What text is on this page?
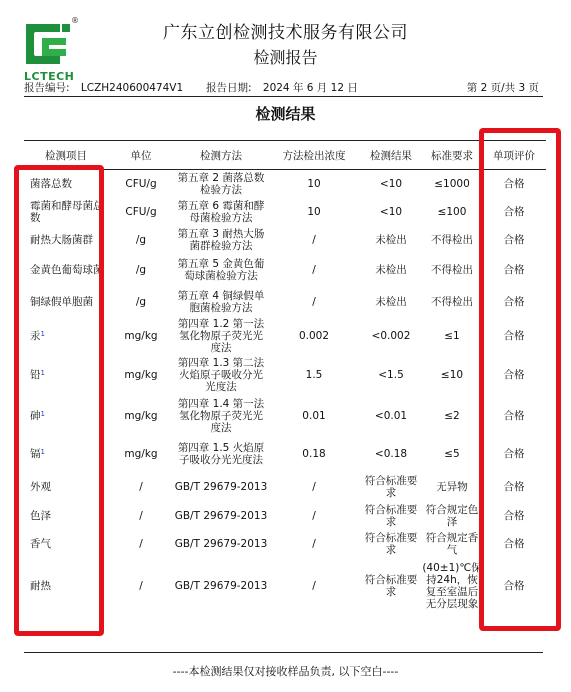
®
LCTECH
广东立创检测技术服务有限公司
检测报告
报告编号: LCZH240600474V1 报告日期: 2024 年 6 月 12 日	第 2 页/共 3 页
检测结果
检测项目	单位	检测方法	方法检出浓度	检测结果	标准要求	单项评价
菌落总数	CFU/g	第五章 2 菌落总数检验方法	10	<10	≤1000	合格
霉菌和酵母菌总数	CFU/g	第五章 6 霉菌和酵母菌检验方法	10	<10	≤100	合格
耐热大肠菌群	/g	第五章 3 耐热大肠菌群检验方法	/	未检出	不得检出	合格
金黄色葡萄球菌	/g	第五章 5 金黄色葡萄球菌检验方法	/	未检出	不得检出	合格
铜绿假单胞菌	/g	第五章 4 铜绿假单胞菌检验方法	/	未检出	不得检出	合格
汞$^1$	mg/kg	第四章 1.2 第一法 氢化物原子荧光光度法	0.002	<0.002	≤1	合格
铅$^1$	mg/kg	第四章 1.3 第二法 火焰原子吸收分光光度法	1.5	<1.5	≤10	合格
砷$^1$	mg/kg	第四章 1.4 第一法 氢化物原子荧光光度法	0.01	<0.01	≤2	合格
镉$^1$	mg/kg	第四章 1.5 火焰原子吸收分光光度法	0.18	<0.18	≤5	合格
外观	/	GB/T 29679-2013	/	符合标准要求	无异物	合格
色泽	/	GB/T 29679-2013	/	符合标准要求	符合规定色泽	合格
香气	/	GB/T 29679-2013	/	符合标准要求	符合规定香气	合格
耐热	/	GB/T 29679-2013	/	符合标准要求	(40±1)℃保持24h，恢复至室温后无分层现象	合格
----本检测结果仅对接收样品负责, 以下空白----
